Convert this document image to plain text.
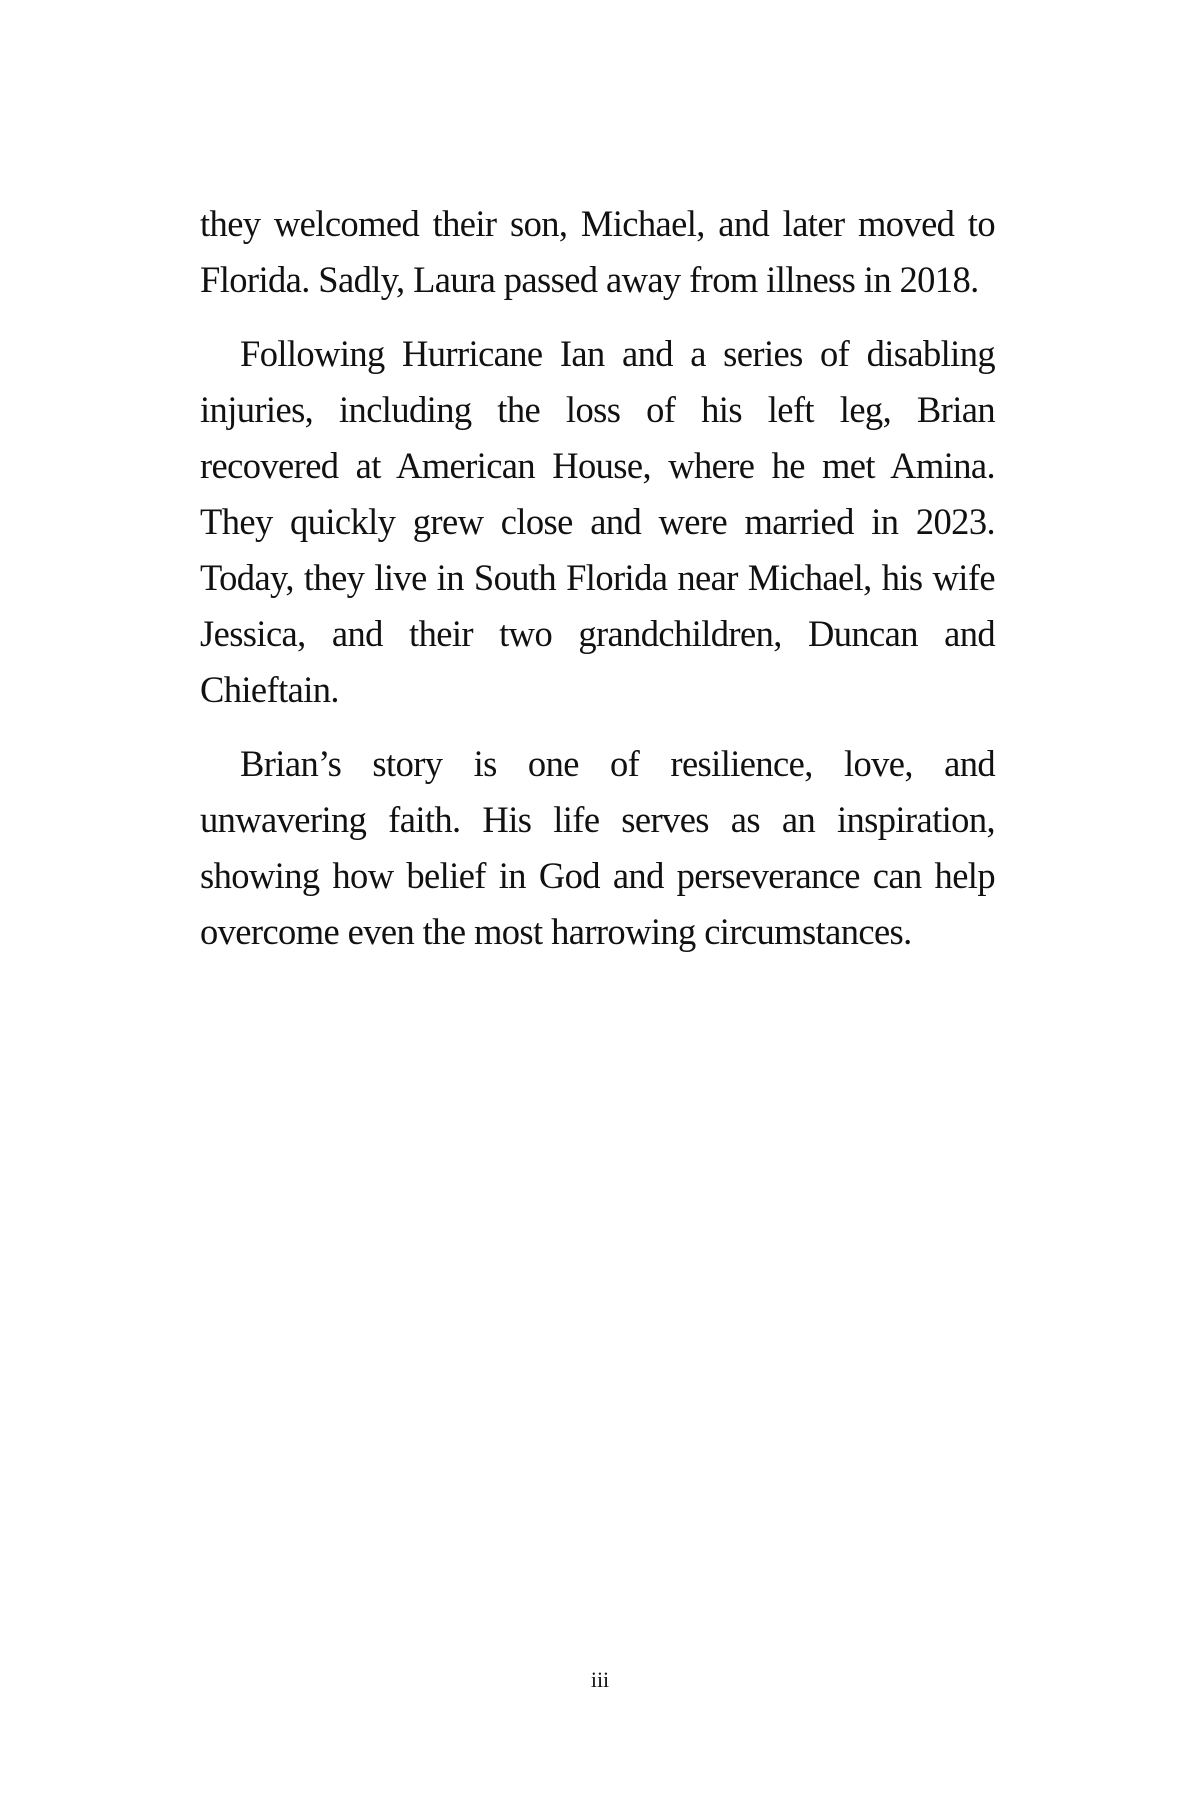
they welcomed their son, Michael, and later moved to Florida. Sadly, Laura passed away from illness in 2018.

Following Hurricane Ian and a series of disabling injuries, including the loss of his left leg, Brian recovered at American House, where he met Amina. They quickly grew close and were married in 2023. Today, they live in South Florida near Michael, his wife Jessica, and their two grandchildren, Duncan and Chieftain.

Brian’s story is one of resilience, love, and unwavering faith. His life serves as an inspiration, showing how belief in God and perseverance can help overcome even the most harrowing circumstances.

iii
